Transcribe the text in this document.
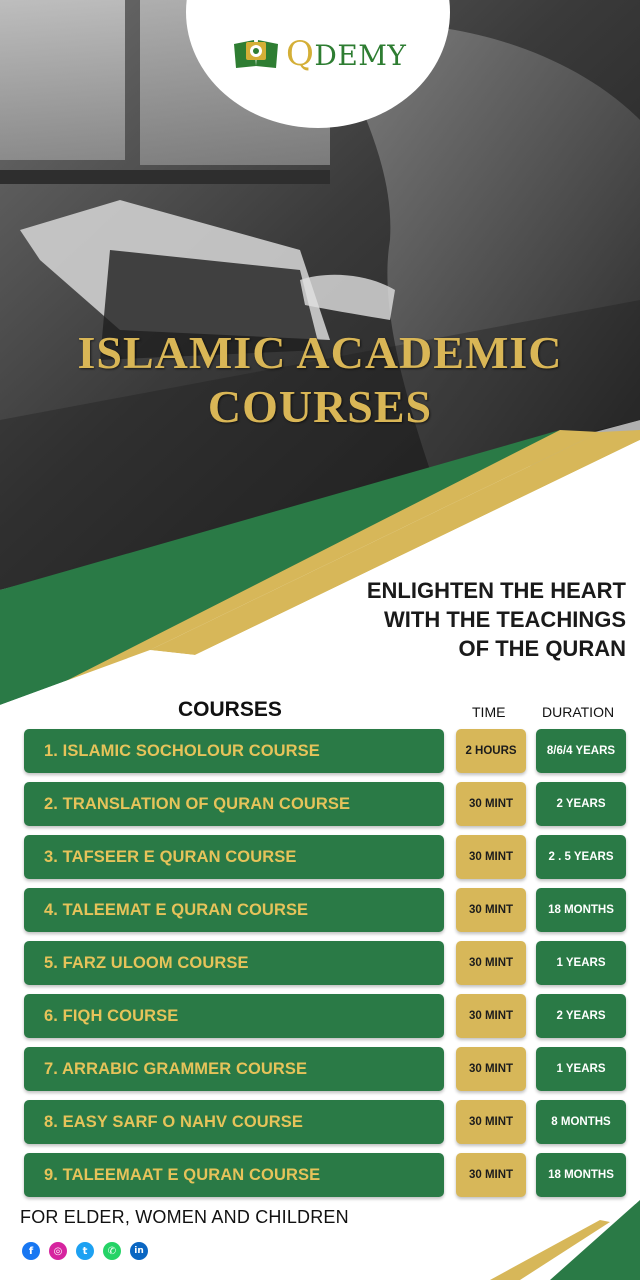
QDEMY
ISLAMIC ACADEMIC
COURSES
ENLIGHTEN THE HEART
WITH THE TEACHINGS
OF THE QURAN
COURSES	TIME	DURATION
1. ISLAMIC SOCHOLOUR COURSE	2 HOURS	8/6/4 YEARS
2. TRANSLATION OF QURAN COURSE	30 MINT	2 YEARS
3. TAFSEER E QURAN COURSE	30 MINT	2 . 5 YEARS
4. TALEEMAT E QURAN COURSE	30 MINT	18 MONTHS
5. FARZ ULOOM COURSE	30 MINT	1 YEARS
6. FIQH COURSE	30 MINT	2 YEARS
7. ARRABIC GRAMMER COURSE	30 MINT	1 YEARS
8. EASY SARF O NAHV COURSE	30 MINT	8 MONTHS
9. TALEEMAAT E QURAN COURSE	30 MINT	18 MONTHS
FOR ELDER, WOMEN AND CHILDREN
f	◎	t	✆	in
